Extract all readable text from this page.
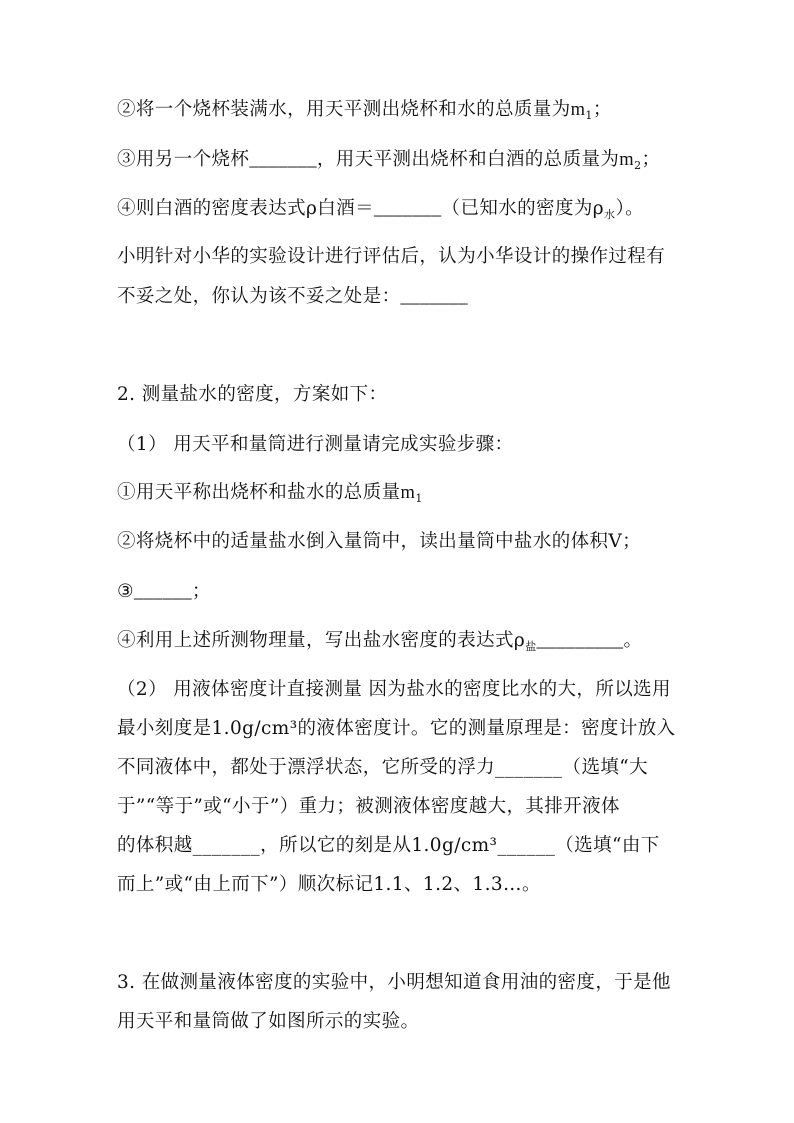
②将一个烧杯装满水，用天平测出烧杯和水的总质量为$m_1$；
③用另一个烧杯_______，用天平测出烧杯和白酒的总质量为$m_2$；
④则白酒的密度表达式ρ白酒＝_______（已知水的密度为$\rho_水$）。
小明针对小华的实验设计进行评估后，认为小华设计的操作过程有
不妥之处，你认为该不妥之处是：_______
2. 测量盐水的密度，方案如下：
（1） 用天平和量筒进行测量请完成实验步骤：
①用天平称出烧杯和盐水的总质量$m_1$
②将烧杯中的适量盐水倒入量筒中，读出量筒中盐水的体积V；
③______；
④利用上述所测物理量，写出盐水密度的表达式$\rho_盐\_\_\_\_\_\_\_\_\_$。
（2） 用液体密度计直接测量 因为盐水的密度比水的大，所以选用
最小刻度是1.0g/cm³的液体密度计。它的测量原理是：密度计放入
不同液体中，都处于漂浮状态，它所受的浮力_______（选填“大
于”“等于”或“小于”）重力；被测液体密度越大，其排开液体
的体积越_______，所以它的刻是从1.0g/cm³______（选填“由下
而上”或“由上而下”）顺次标记1.1、1.2、1.3…。
3. 在做测量液体密度的实验中，小明想知道食用油的密度，于是他
用天平和量筒做了如图所示的实验。
